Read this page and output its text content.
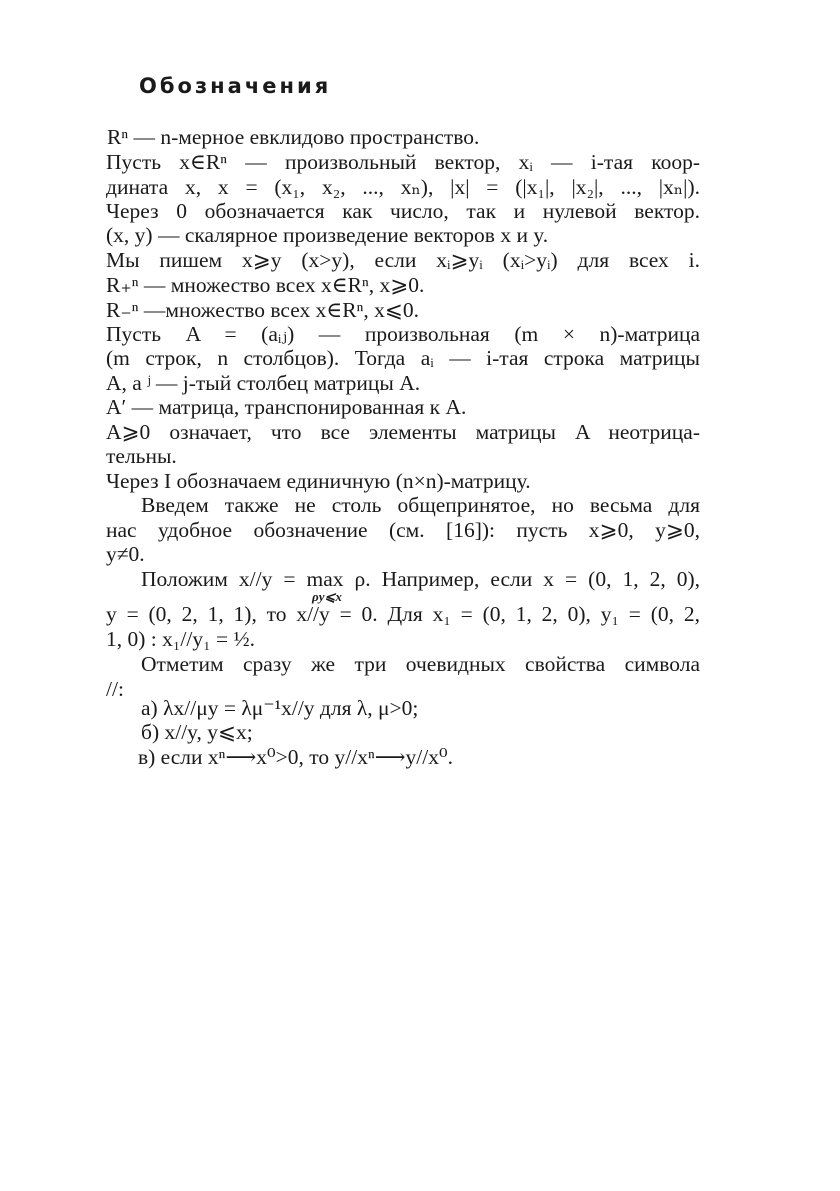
Обозначения
Rⁿ — n-мерное евклидово пространство.
Пусть x∈Rⁿ — произвольный вектор, xᵢ — i-тая коор-
дината x, x = (x₁, x₂, ..., xₙ), |x| = (|x₁|, |x₂|, ..., |xₙ|).
Через 0 обозначается как число, так и нулевой вектор.
(x, y) — скалярное произведение векторов x и y.
Мы пишем x⩾y (x>y), если xᵢ⩾yᵢ (xᵢ>yᵢ) для всех i.
R₊ⁿ — множество всех x∈Rⁿ, x⩾0.
R₋ⁿ —множество всех x∈Rⁿ, x⩽0.
Пусть A = (aᵢⱼ) — произвольная (m × n)-матрица
(m строк, n столбцов). Тогда aᵢ — i-тая строка матрицы
A, a ʲ — j-тый столбец матрицы A.
A′ — матрица, транспонированная к A.
A⩾0 означает, что все элементы матрицы A неотрица-
тельны.
Через I обозначаем единичную (n×n)-матрицу.
Введем также не столь общепринятое, но весьма для
нас удобное обозначение (см. [16]): пусть x⩾0, y⩾0,
y≠0.
Положим x//y = max ρ. Например, если x = (0, 1, 2, 0),
ρy⩽x
y = (0, 2, 1, 1), то x//y = 0. Для x₁ = (0, 1, 2, 0), y₁ = (0, 2,
1, 0) : x₁//y₁ = ½.
Отметим сразу же три очевидных свойства символа
//:
а) λx//μy = λμ⁻¹x//y для λ, μ>0;
б) x//y, y⩽x;
в) если xⁿ⟶x⁰>0, то y//xⁿ⟶y//x⁰.
